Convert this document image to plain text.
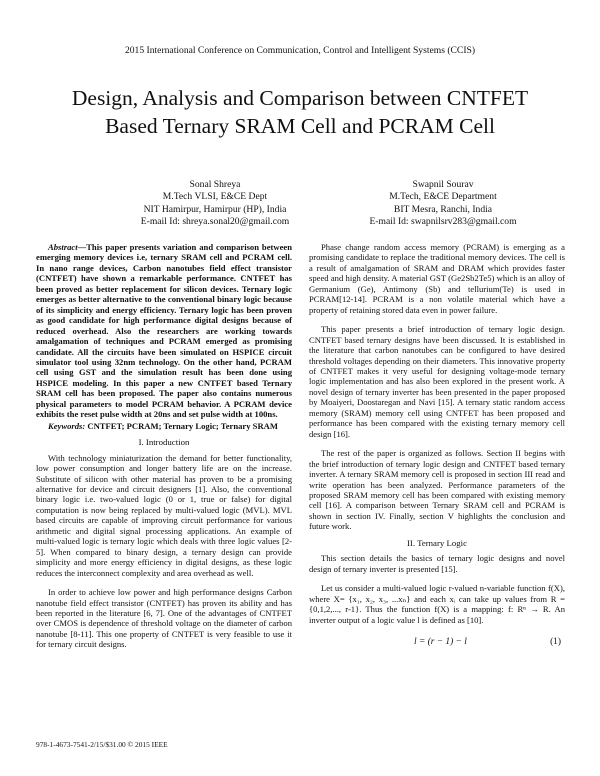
2015 International Conference on Communication, Control and Intelligent Systems (CCIS)
Design, Analysis and Comparison between CNTFET
Based Ternary SRAM Cell and PCRAM Cell
Sonal Shreya
M.Tech VLSI, E&CE Dept
NIT Hamirpur, Hamirpur (HP), India
E-mail Id: shreya.sonal20@gmail.com
Swapnil Sourav
M.Tech, E&CE Department
BIT Mesra, Ranchi, India
E-mail Id: swapnilsrv283@gmail.com

Abstract—This paper presents variation and comparison between emerging memory devices i.e, ternary SRAM cell and PCRAM cell. In nano range devices, Carbon nanotubes field effect transistor (CNTFET) have shown a remarkable performance. CNTFET has been proved as better replacement for silicon devices. Ternary logic emerges as better alternative to the conventional binary logic because of its simplicity and energy efficiency. Ternary logic has been proven as good candidate for high performance digital designs because of reduced overhead. Also the researchers are working towards amalgamation of techniques and PCRAM emerged as promising candidate. All the circuits have been simulated on HSPICE circuit simulator tool using 32nm technology. On the other hand, PCRAM cell using GST and the simulation result has been done using HSPICE modeling. In this paper a new CNTFET based Ternary SRAM cell has been proposed. The paper also contains numerous physical parameters to model PCRAM behavior. A PCRAM device exhibits the reset pulse width at 20ns and set pulse width at 100ns.

Keywords: CNTFET; PCRAM; Ternary Logic; Ternary SRAM

I. Introduction

With technology miniaturization the demand for better functionality, low power consumption and longer battery life are on the increase. Substitute of silicon with other material has proven to be a promising alternative for device and circuit designers [1]. Also, the conventional binary logic i.e. two-valued logic (0 or 1, true or false) for digital computation is now being replaced by multi-valued logic (MVL). MVL based circuits are capable of improving circuit performance for various arithmetic and digital signal processing applications. An example of multi-valued logic is ternary logic which deals with three logic values [2-5]. When compared to binary design, a ternary design can provide simplicity and more energy efficiency in digital designs, as these logic reduces the interconnect complexity and area overhead as well.

In order to achieve low power and high performance designs Carbon nanotube field effect transistor (CNTFET) has proven its ability and has been reported in the literature [6, 7]. One of the advantages of CNTFET over CMOS is dependence of threshold voltage on the diameter of carbon nanotube [8-11]. This one property of CNTFET is very feasible to use it for ternary circuit designs.

Phase change random access memory (PCRAM) is emerging as a promising candidate to replace the traditional memory devices. The cell is a result of amalgamation of SRAM and DRAM which provides faster speed and high density. A material GST (Ge2Sb2Te5) which is an alloy of Germanium (Ge), Antimony (Sb) and tellurium(Te) is used in PCRAM[12-14]. PCRAM is a non volatile material which have a property of retaining stored data even in power failure.

This paper presents a brief introduction of ternary logic design. CNTFET based ternary designs have been discussed. It is established in the literature that carbon nanotubes can be configured to have desired threshold voltages depending on their diameters. This innovative property of CNTFET makes it very useful for designing voltage-mode ternary logic implementation and has also been explored in the present work. A novel design of ternary inverter has been presented in the paper proposed by Moaiyeri, Doostaregan and Navi [15]. A ternary static random access memory (SRAM) memory cell using CNTFET has been proposed and performance has been compared with the existing ternary memory cell design [16].

The rest of the paper is organized as follows. Section II begins with the brief introduction of ternary logic design and CNTFET based ternary inverter. A ternary SRAM memory cell is proposed in section III read and write operation has been analyzed. Performance parameters of the proposed SRAM memory cell has been compared with existing memory cell [16]. A comparison between Ternary SRAM cell and PCRAM is shown in section IV. Finally, section V highlights the conclusion and future work.

II. Ternary Logic

This section details the basics of ternary logic designs and novel design of ternary inverter is presented [15].

Let us consider a multi-valued logic r-valued n-variable function f(X), where X= {x₁, x₂, x₃, ...xₙ} and each xᵢ can take up values from R = {0,1,2,..., r-1}. Thus the function f(X) is a mapping: f: Rⁿ → R. An inverter output of a logic value l is defined as [10].

l = (r − 1) − l	(1)
978-1-4673-7541-2/15/$31.00 © 2015 IEEE
